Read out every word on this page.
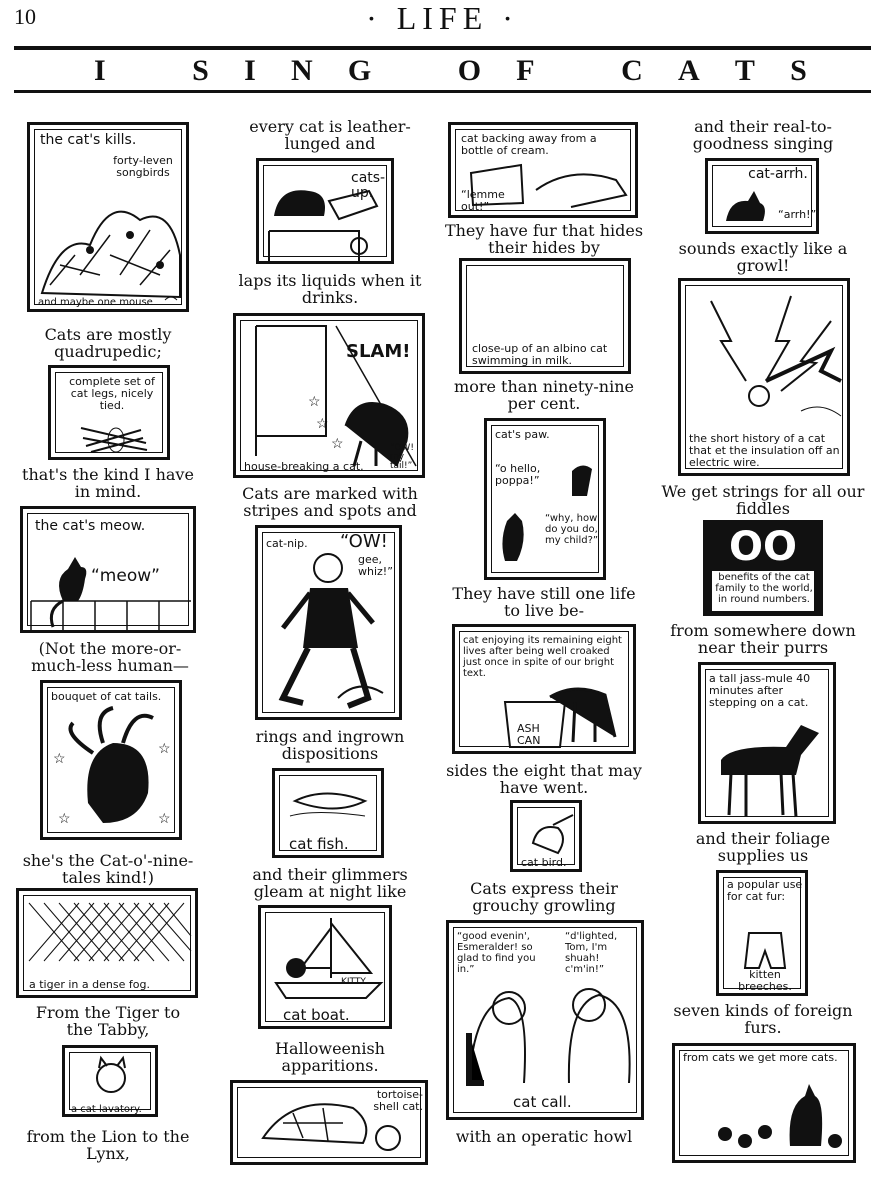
10	· LIFE ·
I	S I N G	O F	C A T S
the cat's kills.
forty-leven songbirds
and maybe one mouse
Cats are mostly quadrupedic;
complete set of cat legs, nicely tied.
that's the kind I have in mind.
the cat's meow.
“meow”
(Not the more-or-much-less human—
☆
☆
☆	☆
bouquet of cat tails.
she's the Cat-o'-nine-tales kind!)
a tiger in a dense fog.
From the Tiger to the Tabby,
a cat lavatory.
from the Lion to the Lynx,
every cat is leather-lunged and
cats-up.
laps its liquids when it drinks.
☆
☆
☆
SLAM!
house-breaking a cat.
“OW! my tail!”
Cats are marked with stripes and spots and
cat-nip. “OW!
gee, whiz!”
rings and ingrown dispositions
cat fish.
and their glimmers gleam at night like
KITTY
cat boat.
Halloweenish apparitions.
tortoise-shell cat.
cat backing away from a bottle of cream.
“lemme out!”
They have fur that hides their hides by
close-up of an albino cat swimming in milk.
more than ninety-nine per cent.
cat's paw.
“o hello, poppa!”
“why, how do you do, my child?”
They have still one life to live be-
cat enjoying its remaining eight lives after being well croaked just once in spite of our bright text.
ASH CAN
sides the eight that may have went.
cat bird.
Cats express their grouchy growling
“good evenin', Esmeralder! so glad to find you in.”
“d'lighted, Tom, I'm shuah! c'm'in!”
cat call.
with an operatic howl
and their real-to-goodness singing
cat-arrh.
“arrh!”
sounds exactly like a growl!
the short history of a cat that et the insulation off an electric wire.
We get strings for all our fiddles
OO
benefits of the cat family to the world, in round numbers.
from somewhere down near their purrs
a tall jass-mule 40 minutes after stepping on a cat.
and their foliage supplies us
a popular use for cat fur:
kitten breeches.
seven kinds of foreign furs.
from cats we get more cats.
